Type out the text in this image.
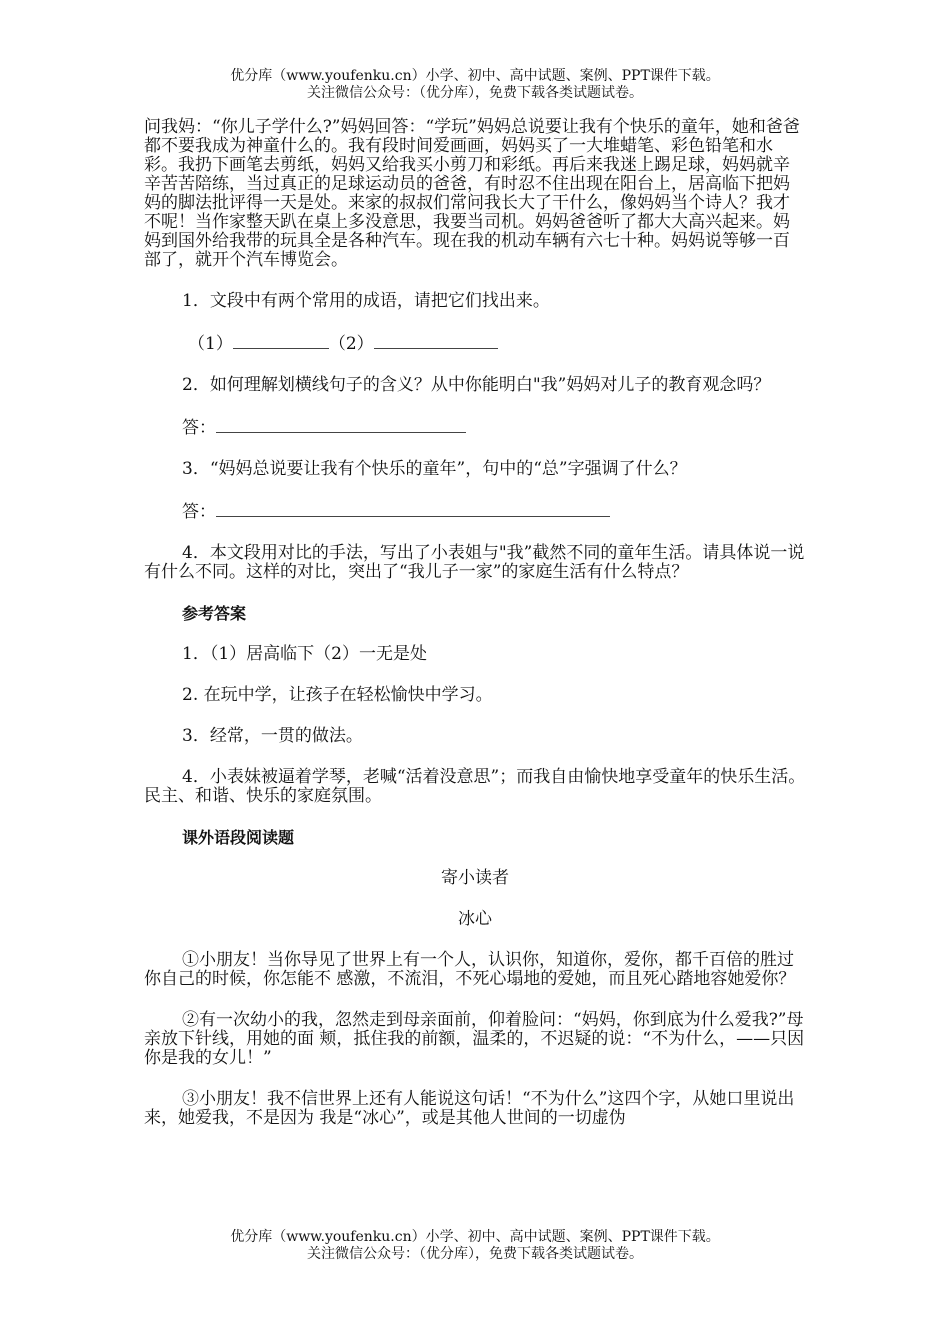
优分库（www.youfenku.cn）小学、初中、高中试题、案例、PPT课件下载。
关注微信公众号：（优分库），免费下载各类试题试卷。

问我妈：“你儿子学什么?”妈妈回答：“学玩”妈妈总说要让我有个快乐的童年，她和爸爸都不要我成为神童什么的。我有段时间爱画画，妈妈买了一大堆蜡笔、彩色铅笔和水彩。我扔下画笔去剪纸，妈妈又给我买小剪刀和彩纸。再后来我迷上踢足球，妈妈就辛辛苦苦陪练，当过真正的足球运动员的爸爸，有时忍不住出现在阳台上，居高临下把妈妈的脚法批评得一天是处。来家的叔叔们常问我长大了干什么，像妈妈当个诗人？我才不呢！当作家整天趴在桌上多没意思，我要当司机。妈妈爸爸听了都大大高兴起来。妈妈到国外给我带的玩具全是各种汽车。现在我的机动车辆有六七十种。妈妈说等够一百部了，就开个汽车博览会。

1．文段中有两个常用的成语，请把它们找出来。

（1）	（2）

2．如何理解划横线句子的含义？从中你能明白"我”妈妈对儿子的教育观念吗？

答：

3．“妈妈总说要让我有个快乐的童年”，句中的“总”字强调了什么？

答：

4．本文段用对比的手法，写出了小表姐与"我”截然不同的童年生活。请具体说一说有什么不同。这样的对比，突出了“我儿子一家”的家庭生活有什么特点？

参考答案

1．（1）居高临下（2）一无是处

2. 在玩中学，让孩子在轻松愉快中学习。

3．经常，一贯的做法。

4．小表妹被逼着学琴，老喊“活着没意思”；而我自由愉快地享受童年的快乐生活。民主、和谐、快乐的家庭氛围。

课外语段阅读题

寄小读者

冰心

①小朋友！当你导见了世界上有一个人，认识你，知道你，爱你，都千百倍的胜过你自己的时候，你怎能不 感激，不流泪，不死心塌地的爱她，而且死心踏地容她爱你？

②有一次幼小的我，忽然走到母亲面前，仰着脸问：“妈妈，你到底为什么爱我?”母亲放下针线，用她的面 颊，抵住我的前额，温柔的，不迟疑的说：“不为什么，——只因你是我的女儿！”

③小朋友！我不信世界上还有人能说这句话！“不为什么”这四个字，从她口里说出来，她爱我，不是因为 我是“冰心”，或是其他人世间的一切虚伪

优分库（www.youfenku.cn）小学、初中、高中试题、案例、PPT课件下载。
关注微信公众号：（优分库），免费下载各类试题试卷。
